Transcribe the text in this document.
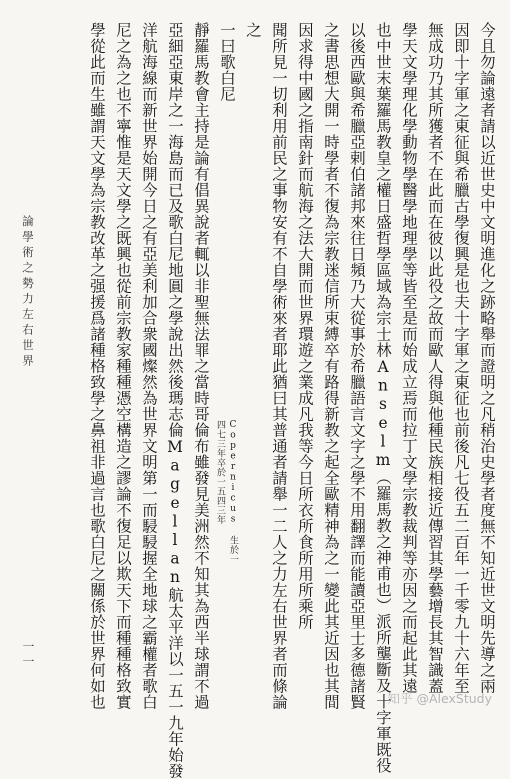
論學術之勢力左右世界
一一	今且勿論遠者請以近世史中文明進化之跡略舉而證明之凡稍治史學者度無不知近世文明先導之兩
因即十字軍之東征與希臘古學復興是也夫十字軍之東征也前後凡七役五二百年一千零九十六年至
無成功乃其所獲者不在此而在彼以此役之故而歐人得與他種民族相接近傳習其學藝增長其智識蓋
學天文學理化學動物學醫學地理學等皆至是而始成立焉而拉丁文學宗教裁判等亦因之而起此其遠
也中世末葉羅馬教皇之權日盛哲學區域為宗士林Anselm（羅馬教之神甫也）派所壟斷及十字軍既役
以後西歐與希臘亞剌伯諸邦來往日頻乃大從事於希臘語言文字之學不用翻譯而能讀亞里士多德諸賢
之書思想大開一時學者不復為宗教迷信所束縛卒有路得新教之起全歐精神為之一變此其近因也其間
因求得中國之指南針而航海之法大開而世界環遊之業成凡我等今日所衣所食所用所乘所
聞所見一切利用前民之事物安有不自學術來者耶此猶曰其普通者請舉一二人之力左右世界者而條論
之
一曰歌白尼
Copernicus 生於一四七三年卒於一五四三年
靜羅馬教會主持是論有倡異說者輒以非聖無法罪之當時哥倫布雖發見美洲然不知其為西半球謂不過
亞細亞東岸之一海島而已及歌白尼地圓之學說出然後瑪志倫Magellan航太平洋以一五一九年始發
洋航海線而新世界始開今日之有亞美利加合衆國燦然為世界文明第一而駸駸握全地球之霸權者歌白
尼之為之也不寧惟是天文學之既興也從前宗教家種種憑空構造之謬論不復足以欺天下而種種格致實
學從此而生雖謂天文學為宗教改革之强援爲諸種格致學之鼻祖非過言也歌白尼之關係於世界何如也	知乎 @AlexStudy
